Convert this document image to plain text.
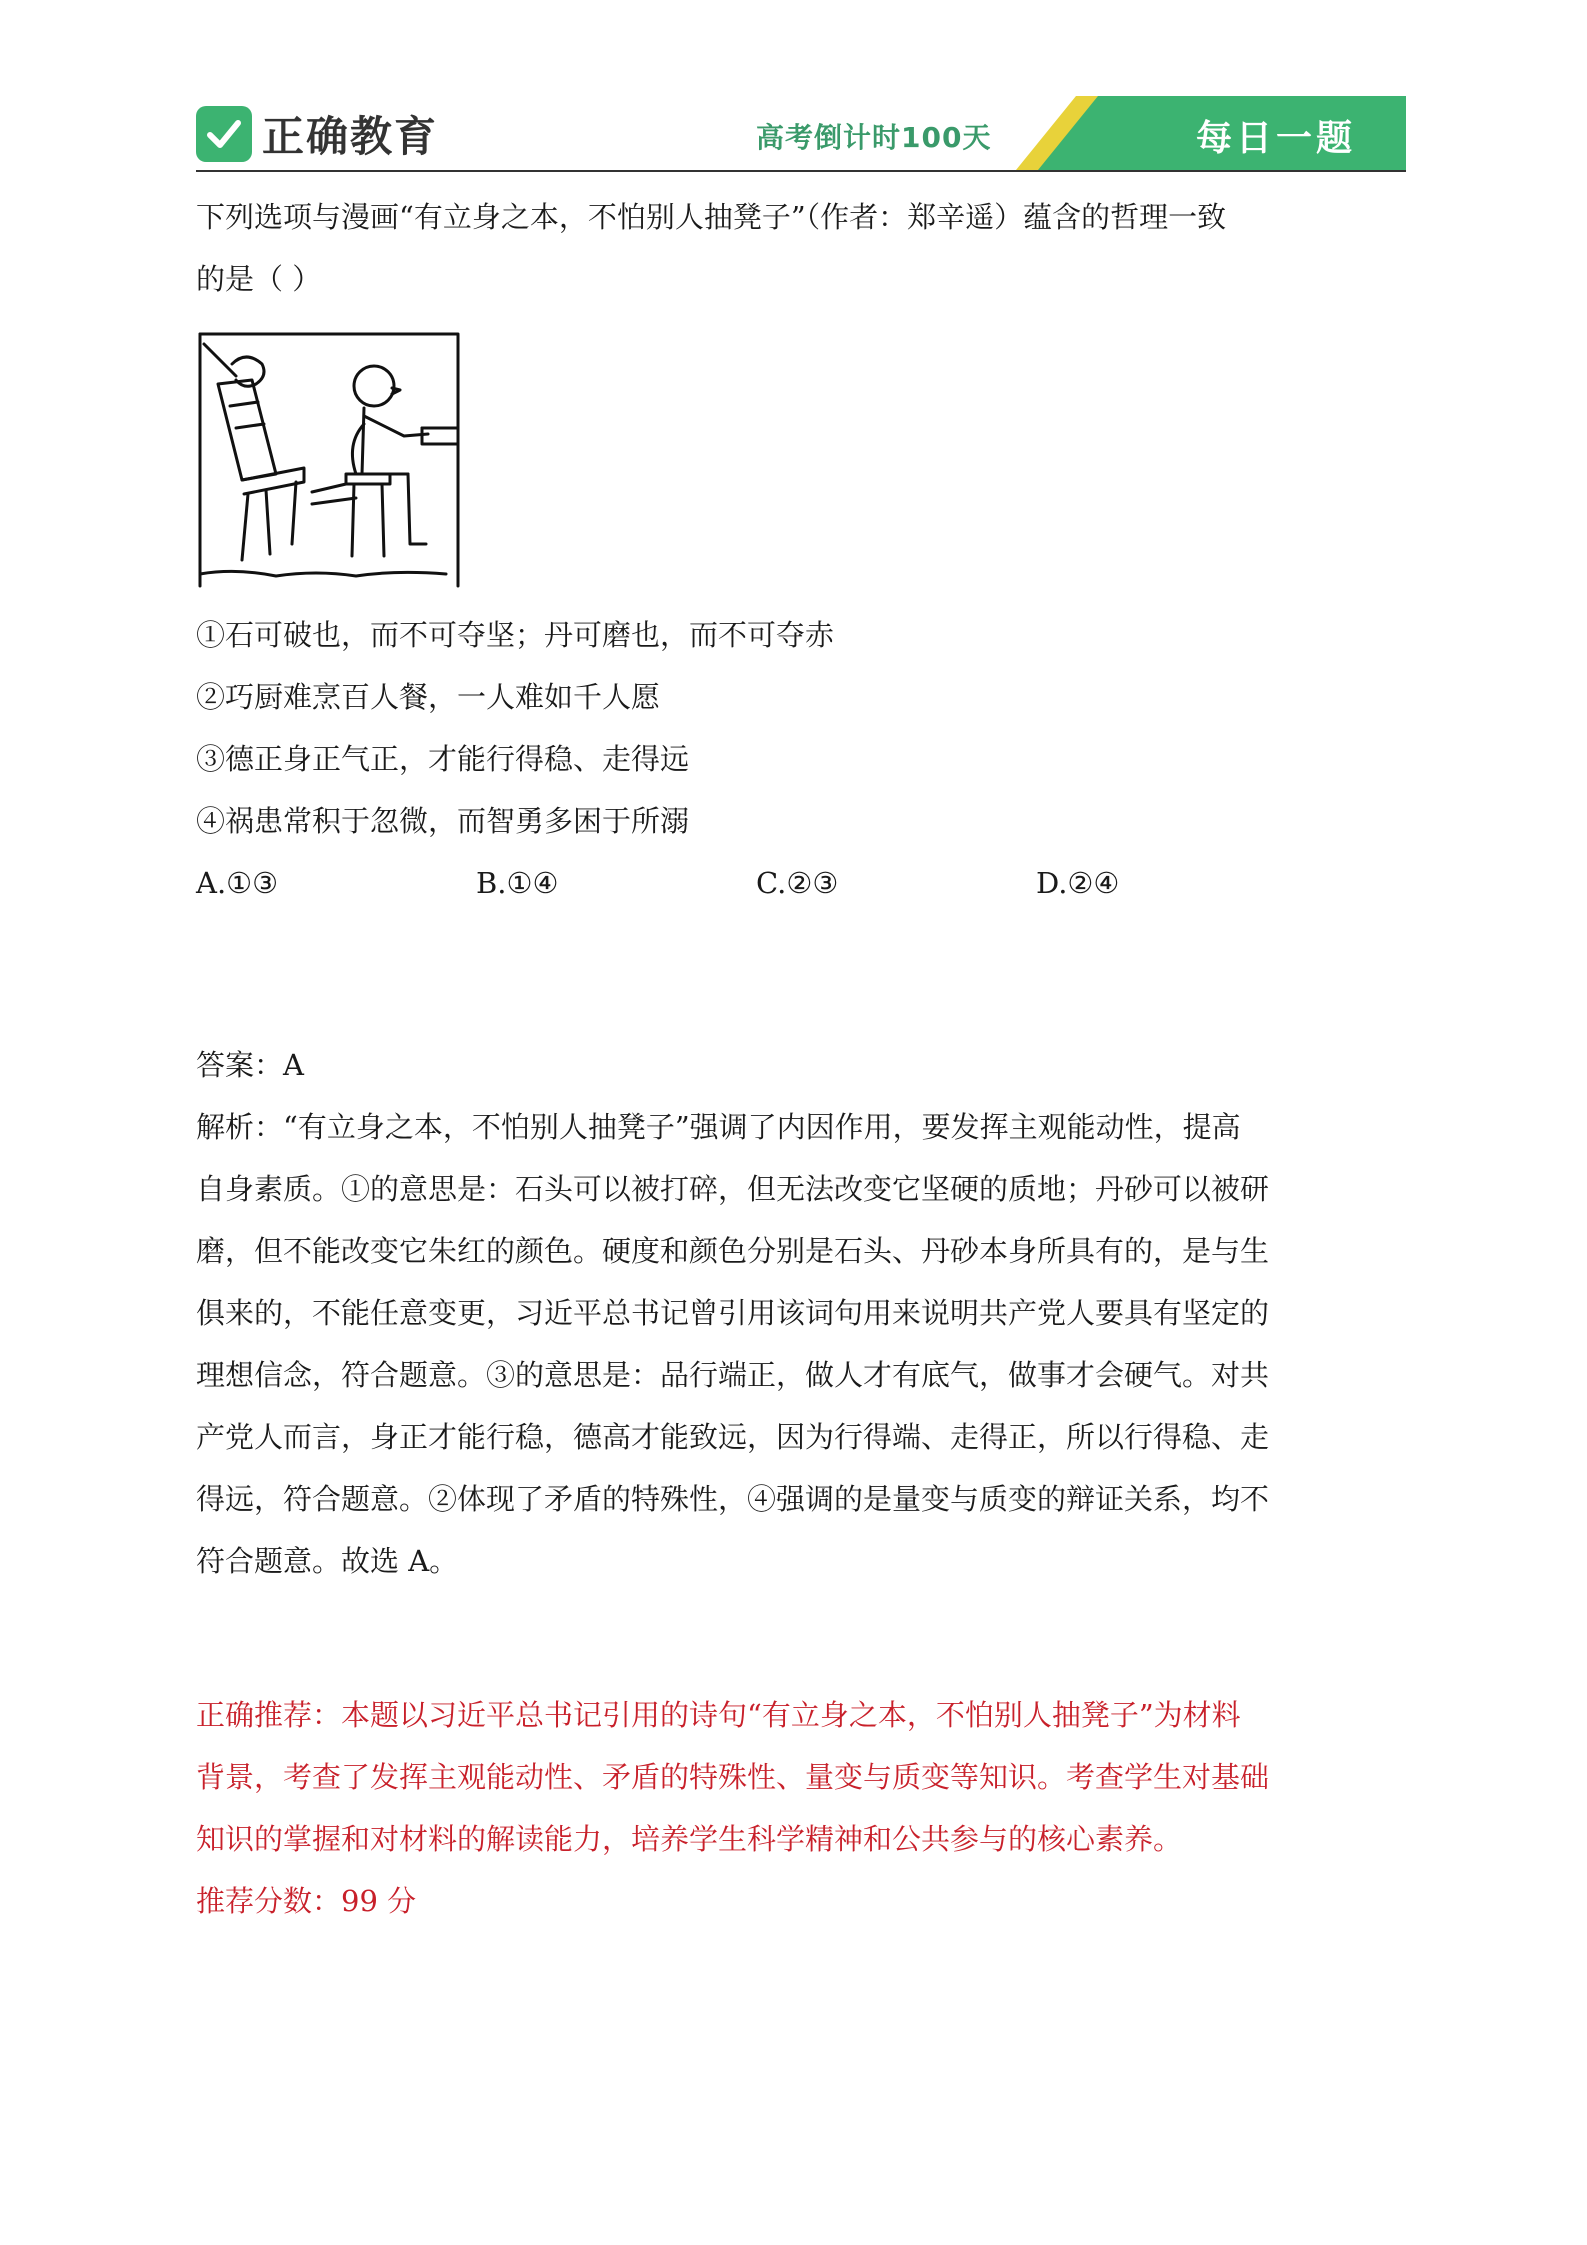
正确教育	高考倒计时100天	每日一题

下列选项与漫画“有立身之本，不怕别人抽凳子”（作者：郑辛遥）蕴含的哲理一致
的是（ ）

①石可破也，而不可夺坚；丹可磨也，而不可夺赤

②巧厨难烹百人餐，一人难如千人愿

③德正身正气正，才能行得稳、走得远

④祸患常积于忽微，而智勇多困于所溺

A.①③	B.①④	C.②③	D.②④

答案：A

解析：“有立身之本，不怕别人抽凳子”强调了内因作用，要发挥主观能动性，提高

自身素质。①的意思是：石头可以被打碎，但无法改变它坚硬的质地；丹砂可以被研

磨，但不能改变它朱红的颜色。硬度和颜色分别是石头、丹砂本身所具有的，是与生

俱来的，不能任意变更，习近平总书记曾引用该词句用来说明共产党人要具有坚定的

理想信念，符合题意。③的意思是：品行端正，做人才有底气，做事才会硬气。对共

产党人而言，身正才能行稳，德高才能致远，因为行得端、走得正，所以行得稳、走

得远，符合题意。②体现了矛盾的特殊性，④强调的是量变与质变的辩证关系，均不

符合题意。故选 A。

正确推荐：本题以习近平总书记引用的诗句“有立身之本，不怕别人抽凳子”为材料

背景，考查了发挥主观能动性、矛盾的特殊性、量变与质变等知识。考查学生对基础

知识的掌握和对材料的解读能力，培养学生科学精神和公共参与的核心素养。

推荐分数：99 分
